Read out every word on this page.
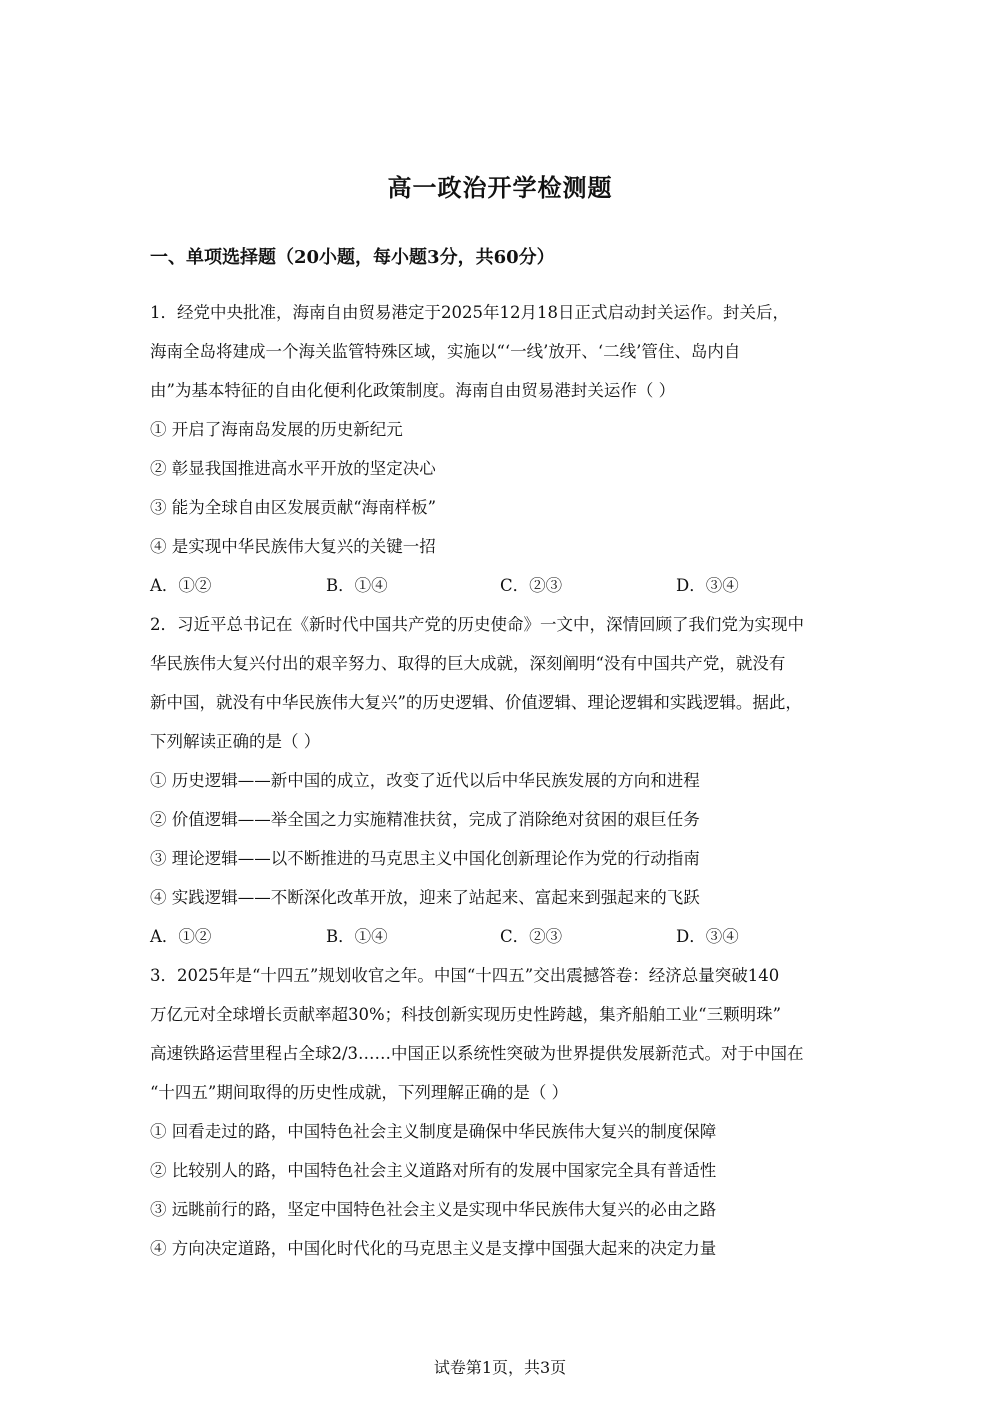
高一政治开学检测题
一、单项选择题（20小题，每小题3分，共60分）
1．经党中央批准，海南自由贸易港定于2025年12月18日正式启动封关运作。封关后，
海南全岛将建成一个海关监管特殊区域，实施以“‘一线’放开、‘二线’管住、岛内自
由”为基本特征的自由化便利化政策制度。海南自由贸易港封关运作（ ）
① 开启了海南岛发展的历史新纪元
② 彰显我国推进高水平开放的坚定决心
③ 能为全球自由区发展贡献“海南样板”
④ 是实现中华民族伟大复兴的关键一招
A．①②	B．①④	C．②③	D．③④
2．习近平总书记在《新时代中国共产党的历史使命》一文中，深情回顾了我们党为实现中
华民族伟大复兴付出的艰辛努力、取得的巨大成就，深刻阐明“没有中国共产党，就没有
新中国，就没有中华民族伟大复兴”的历史逻辑、价值逻辑、理论逻辑和实践逻辑。据此，
下列解读正确的是（ ）
① 历史逻辑——新中国的成立，改变了近代以后中华民族发展的方向和进程
② 价值逻辑——举全国之力实施精准扶贫，完成了消除绝对贫困的艰巨任务
③ 理论逻辑——以不断推进的马克思主义中国化创新理论作为党的行动指南
④ 实践逻辑——不断深化改革开放，迎来了站起来、富起来到强起来的飞跃
A．①②	B．①④	C．②③	D．③④
3．2025年是“十四五”规划收官之年。中国“十四五”交出震撼答卷：经济总量突破140
万亿元对全球增长贡献率超30%；科技创新实现历史性跨越，集齐船舶工业“三颗明珠”
高速铁路运营里程占全球2/3……中国正以系统性突破为世界提供发展新范式。对于中国在
“十四五”期间取得的历史性成就，下列理解正确的是（ ）
① 回看走过的路，中国特色社会主义制度是确保中华民族伟大复兴的制度保障
② 比较别人的路，中国特色社会主义道路对所有的发展中国家完全具有普适性
③ 远眺前行的路，坚定中国特色社会主义是实现中华民族伟大复兴的必由之路
④ 方向决定道路，中国化时代化的马克思主义是支撑中国强大起来的决定力量
试卷第1页，共3页
